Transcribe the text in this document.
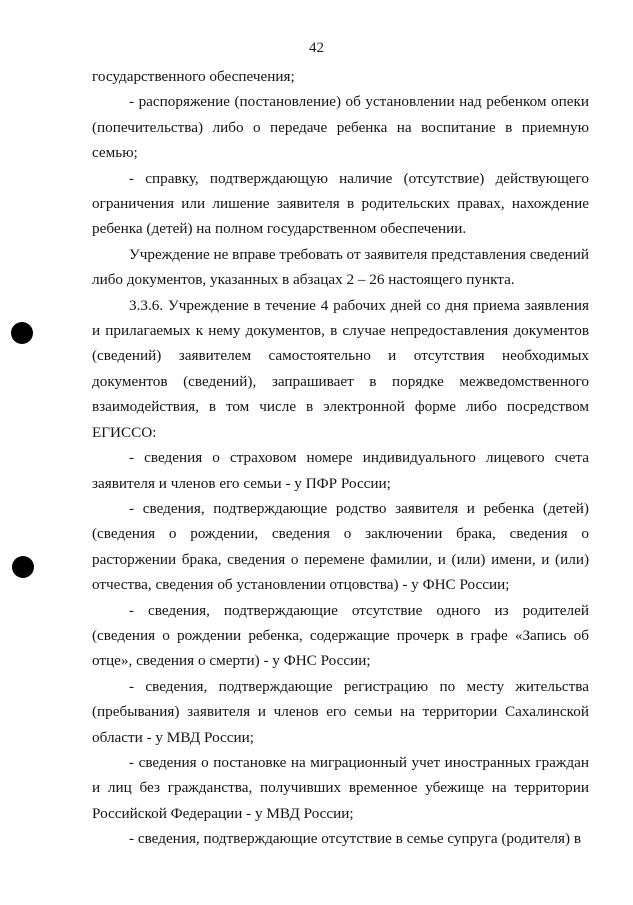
42

государственного обеспечения;

- распоряжение (постановление) об установлении над ребенком опеки (попечительства) либо о передаче ребенка на воспитание в приемную семью;

- справку, подтверждающую наличие (отсутствие) действующего ограничения или лишение заявителя в родительских правах, нахождение ребенка (детей) на полном государственном обеспечении.

Учреждение не вправе требовать от заявителя представления сведений либо документов, указанных в абзацах 2 – 26 настоящего пункта.

3.3.6. Учреждение в течение 4 рабочих дней со дня приема заявления и прилагаемых к нему документов, в случае непредоставления документов (сведений) заявителем самостоятельно и отсутствия необходимых документов (сведений), запрашивает в порядке межведомственного взаимодействия, в том числе в электронной форме либо посредством ЕГИССО:

- сведения о страховом номере индивидуального лицевого счета заявителя и членов его семьи - у ПФР России;

- сведения, подтверждающие родство заявителя и ребенка (детей) (сведения о рождении, сведения о заключении брака, сведения о расторжении брака, сведения о перемене фамилии, и (или) имени, и (или) отчества, сведения об установлении отцовства) - у ФНС России;

- сведения, подтверждающие отсутствие одного из родителей (сведения о рождении ребенка, содержащие прочерк в графе «Запись об отце», сведения о смерти) - у ФНС России;

- сведения, подтверждающие регистрацию по месту жительства (пребывания) заявителя и членов его семьи на территории Сахалинской области - у МВД России;

- сведения о постановке на миграционный учет иностранных граждан и лиц без гражданства, получивших временное убежище на территории Российской Федерации - у МВД России;

- сведения, подтверждающие отсутствие в семье супруга (родителя) в
